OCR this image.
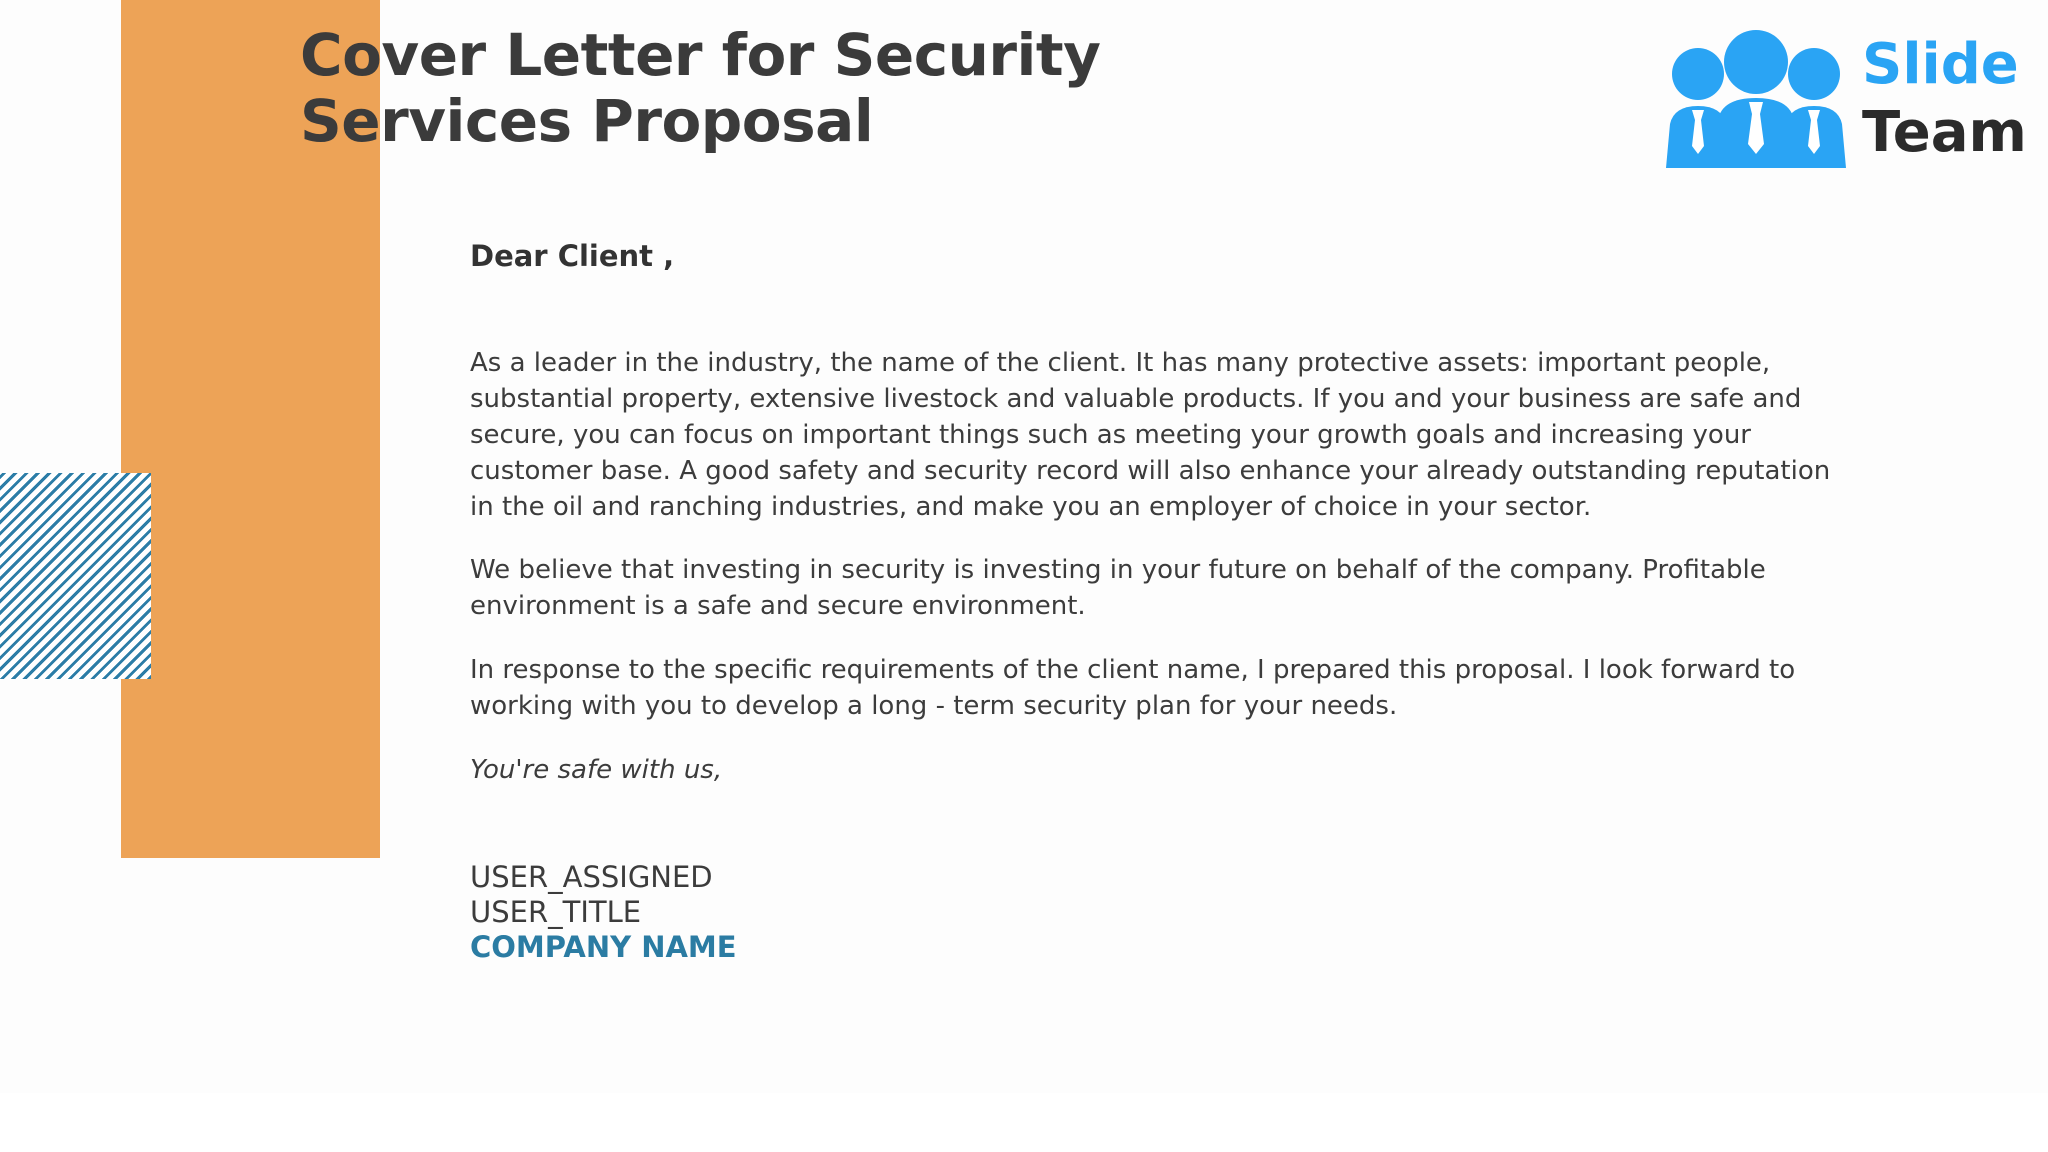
Cover Letter for Security
Services Proposal
Slide
Team

Dear Client ,

As a leader in the industry, the name of the client. It has many protective assets: important people, substantial property, extensive livestock and valuable products. If you and your business are safe and secure, you can focus on important things such as meeting your growth goals and increasing your customer base. A good safety and security record will also enhance your already outstanding reputation in the oil and ranching industries, and make you an employer of choice in your sector.

We believe that investing in security is investing in your future on behalf of the company. Profitable environment is a safe and secure environment.

In response to the specific requirements of the client name, I prepared this proposal. I look forward to working with you to develop a long - term security plan for your needs.

You're safe with us,

USER_ASSIGNED
USER_TITLE
COMPANY NAME
